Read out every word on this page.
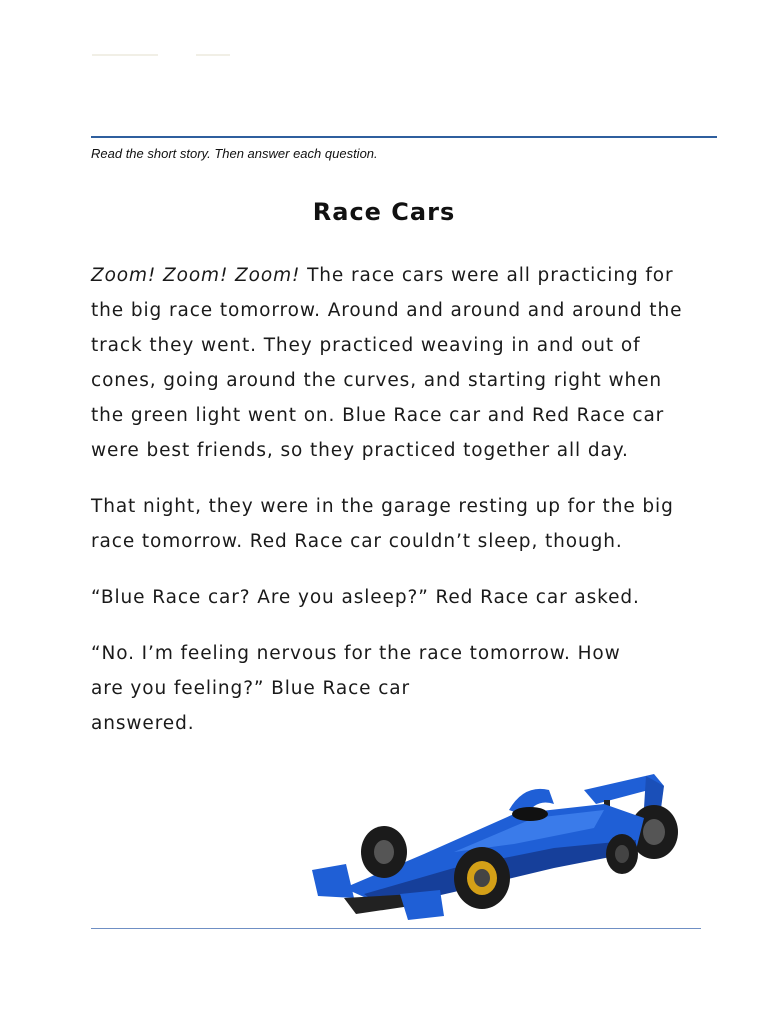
Read the short story. Then answer each question.

Race Cars

Zoom! Zoom! Zoom! The race cars were all practicing for the big race tomorrow. Around and around and around the track they went. They practiced weaving in and out of cones, going around the curves, and starting right when the green light went on. Blue Race car and Red Race car were best friends, so they practiced together all day.

That night, they were in the garage resting up for the big race tomorrow. Red Race car couldn’t sleep, though.

“Blue Race car? Are you asleep?” Red Race car asked.

“No. I’m feeling nervous for the race tomorrow. How
are you feeling?” Blue Race car
answered.
